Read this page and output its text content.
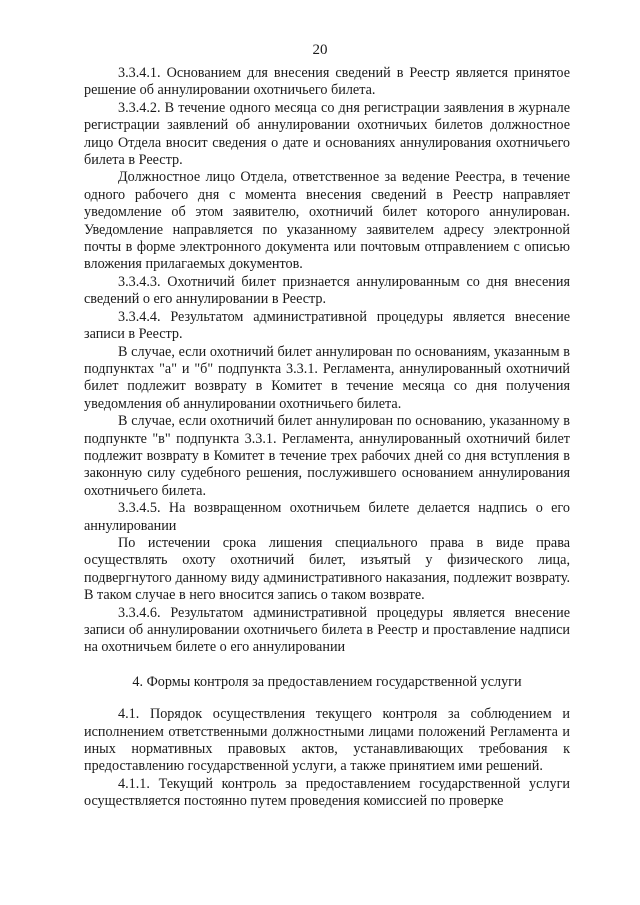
20

3.3.4.1. Основанием для внесения сведений в Реестр является принятое решение об аннулировании охотничьего билета.

3.3.4.2. В течение одного месяца со дня регистрации заявления в журнале регистрации заявлений об аннулировании охотничьих билетов должностное лицо Отдела вносит сведения о дате и основаниях аннулирования охотничьего билета в Реестр.

Должностное лицо Отдела, ответственное за ведение Реестра, в течение одного рабочего дня с момента внесения сведений в Реестр направляет уведомление об этом заявителю, охотничий билет которого аннулирован. Уведомление направляется по указанному заявителем адресу электронной почты в форме электронного документа или почтовым отправлением с описью вложения прилагаемых документов.

3.3.4.3. Охотничий билет признается аннулированным со дня внесения сведений о его аннулировании в Реестр.

3.3.4.4. Результатом административной процедуры является внесение записи в Реестр.

В случае, если охотничий билет аннулирован по основаниям, указанным в подпунктах "а" и "б" подпункта 3.3.1. Регламента, аннулированный охотничий билет подлежит возврату в Комитет в течение месяца со дня получения уведомления об аннулировании охотничьего билета.

В случае, если охотничий билет аннулирован по основанию, указанному в подпункте "в" подпункта 3.3.1. Регламента, аннулированный охотничий билет подлежит возврату в Комитет в течение трех рабочих дней со дня вступления в законную силу судебного решения, послужившего основанием аннулирования охотничьего билета.

3.3.4.5. На возвращенном охотничьем билете делается надпись о его аннулировании

По истечении срока лишения специального права в виде права осуществлять охоту охотничий билет, изъятый у физического лица, подвергнутого данному виду административного наказания, подлежит возврату. В таком случае в него вносится запись о таком возврате.

3.3.4.6. Результатом административной процедуры является внесение записи об аннулировании охотничьего билета в Реестр и проставление надписи на охотничьем билете о его аннулировании

4. Формы контроля за предоставлением государственной услуги

4.1. Порядок осуществления текущего контроля за соблюдением и исполнением ответственными должностными лицами положений Регламента и иных нормативных правовых актов, устанавливающих требования к предоставлению государственной услуги, а также принятием ими решений.

4.1.1. Текущий контроль за предоставлением государственной услуги осуществляется постоянно путем проведения комиссией по проверке
